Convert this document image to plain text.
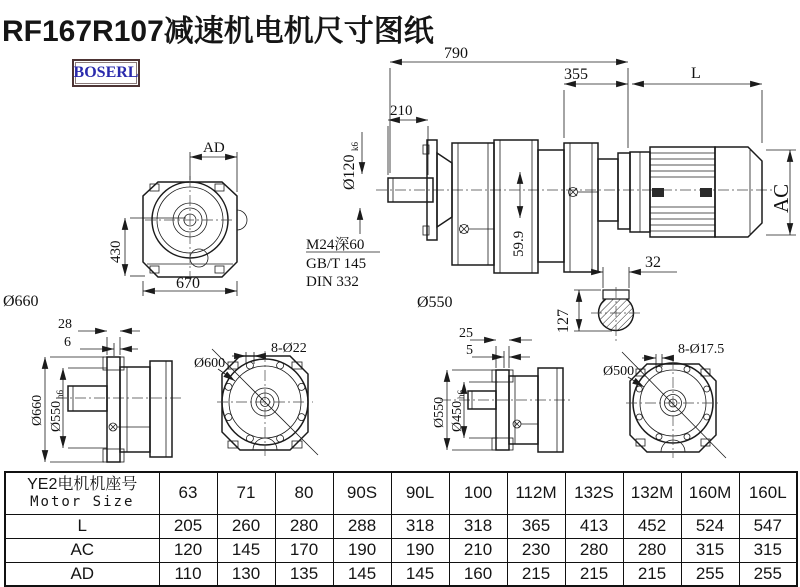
RF167R107减速机电机尺寸图纸
BOSERL
AD
430
670
Ø660
790
210
Ø120
k6
M24深60
GB/T 145
DIN 332
59.9
Ø550
355	L
AC
32
127
Ø660 Ø550
h6
28
6	8-Ø22
Ø600
Ø550 Ø450
h6
25
5	8-Ø17.5
Ø500
YE2电机机座号
Motor Size	63	71	80	90S	90L	100	112M	132S	132M	160M	160L
L	205	260	280	288	318	318	365	413	452	524	547
AC	120	145	170	190	190	210	230	280	280	315	315
AD	110	130	135	145	145	160	215	215	215	255	255
